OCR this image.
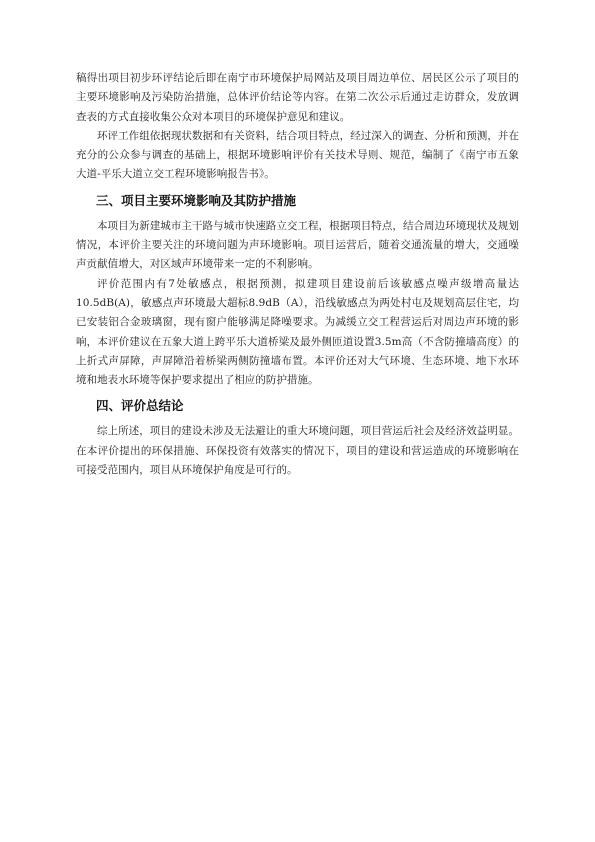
稿得出项目初步环评结论后即在南宁市环境保护局网站及项目周边单位、居民区公示了项目的主要环境影响及污染防治措施，总体评价结论等内容。在第二次公示后通过走访群众，发放调查表的方式直接收集公众对本项目的环境保护意见和建议。

环评工作组依据现状数据和有关资料，结合项目特点，经过深入的调查、分析和预测，并在充分的公众参与调查的基础上，根据环境影响评价有关技术导则、规范，编制了《南宁市五象大道-平乐大道立交工程环境影响报告书》。

三、项目主要环境影响及其防护措施

本项目为新建城市主干路与城市快速路立交工程，根据项目特点，结合周边环境现状及规划情况，本评价主要关注的环境问题为声环境影响。项目运营后，随着交通流量的增大，交通噪声贡献值增大，对区域声环境带来一定的不利影响。

评价范围内有7处敏感点，根据预测，拟建项目建设前后该敏感点噪声级增高量达10.5dB(A)，敏感点声环境最大超标8.9dB（A），沿线敏感点为两处村屯及规划高层住宅，均已安装铝合金玻璃窗，现有窗户能够满足降噪要求。为减缓立交工程营运后对周边声环境的影响，本评价建议在五象大道上跨平乐大道桥梁及最外侧匝道设置3.5m高（不含防撞墙高度）的上折式声屏障，声屏障沿着桥梁两侧防撞墙布置。本评价还对大气环境、生态环境、地下水环境和地表水环境等保护要求提出了相应的防护措施。

四、评价总结论

综上所述，项目的建设未涉及无法避让的重大环境问题，项目营运后社会及经济效益明显。在本评价提出的环保措施、环保投资有效落实的情况下，项目的建设和营运造成的环境影响在可接受范围内，项目从环境保护角度是可行的。
